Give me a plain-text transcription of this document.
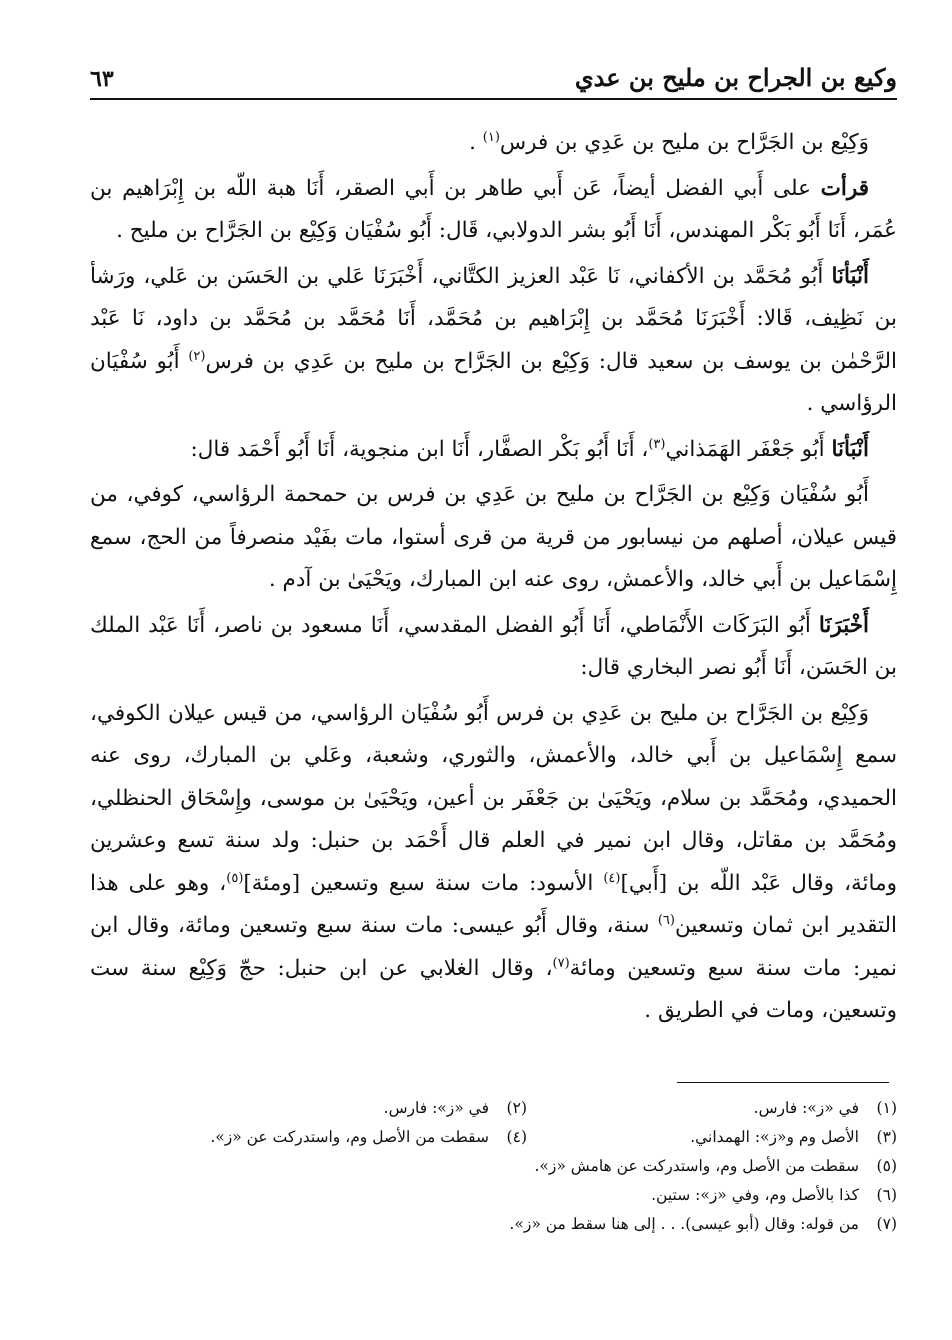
وكيع بن الجراح بن مليح بن عدي
٦٣

وَكِيْع بن الجَرَّاح بن مليح بن عَدِي بن فرس$^{(١)}$ .

قرأت على أَبي الفضل أيضاً، عَن أَبي طاهر بن أَبي الصقر، أَنَا هبة اللّه بن إِبْرَاهيم بن عُمَر، أَنَا أَبُو بَكْر المهندس، أَنَا أَبُو بشر الدولابي، قَال: أَبُو سُفْيَان وَكِيْع بن الجَرَّاح بن مليح .

أَنْبَأنَا أَبُو مُحَمَّد بن الأكفاني، نَا عَبْد العزيز الكتَّاني، أَخْبَرَنَا عَلي بن الحَسَن بن عَلي، ورَشأ بن نَظِيف، قَالا: أَخْبَرَنَا مُحَمَّد بن إِبْرَاهيم بن مُحَمَّد، أَنَا مُحَمَّد بن مُحَمَّد بن داود، نَا عَبْد الرَّحْمٰن بن يوسف بن سعيد قال: وَكِيْع بن الجَرَّاح بن مليح بن عَدِي بن فرس$^{(٢)}$ أَبُو سُفْيَان الرؤاسي .

أَنْبَأنَا أَبُو جَعْفَر الهَمَذاني$^{(٣)}$، أَنَا أَبُو بَكْر الصفَّار، أَنَا ابن منجوية، أَنَا أَبُو أَحْمَد قال:

أَبُو سُفْيَان وَكِيْع بن الجَرَّاح بن مليح بن عَدِي بن فرس بن حمحمة الرؤاسي، كوفي، من قيس عيلان، أصلهم من نيسابور من قرية من قرى أستوا، مات بفَيْد منصرفاً من الحج، سمع إِسْمَاعيل بن أَبي خالد، والأعمش، روى عنه ابن المبارك، ويَحْيَىٰ بن آدم .

أَخْبَرَنَا أَبُو البَرَكَات الأَنْمَاطي، أَنَا أَبُو الفضل المقدسي، أَنَا مسعود بن ناصر، أَنَا عَبْد الملك بن الحَسَن، أَنَا أَبُو نصر البخاري قال:

وَكِيْع بن الجَرَّاح بن مليح بن عَدِي بن فرس أَبُو سُفْيَان الرؤاسي، من قيس عيلان الكوفي، سمع إِسْمَاعيل بن أَبي خالد، والأعمش، والثوري، وشعبة، وعَلي بن المبارك، روى عنه الحميدي، ومُحَمَّد بن سلام، ويَحْيَىٰ بن جَعْفَر بن أعين، ويَحْيَىٰ بن موسى، وإِسْحَاق الحنظلي، ومُحَمَّد بن مقاتل، وقال ابن نمير في العلم قال أَحْمَد بن حنبل: ولد سنة تسع وعشرين ومائة، وقال عَبْد اللّه بن [أَبي]$^{(٤)}$ الأسود: مات سنة سبع وتسعين [ومئة]$^{(٥)}$، وهو على هذا التقدير ابن ثمان وتسعين$^{(٦)}$ سنة، وقال أَبُو عيسى: مات سنة سبع وتسعين ومائة، وقال ابن نمير: مات سنة سبع وتسعين ومائة$^{(٧)}$، وقال الغلابي عن ابن حنبل: حجّ وَكِيْع سنة ست وتسعين، ومات في الطريق .

(١)
في «ز»: فارس.
(٢)
في «ز»: فارس.
(٣)
الأصل وم و«ز»: الهمداني.
(٤)
سقطت من الأصل وم، واستدركت عن «ز».
(٥)
سقطت من الأصل وم، واستدركت عن هامش «ز».
(٦)
كذا بالأصل وم، وفي «ز»: ستين.
(٧)
من قوله: وقال (أبو عيسى). . . إلى هنا سقط من «ز».
